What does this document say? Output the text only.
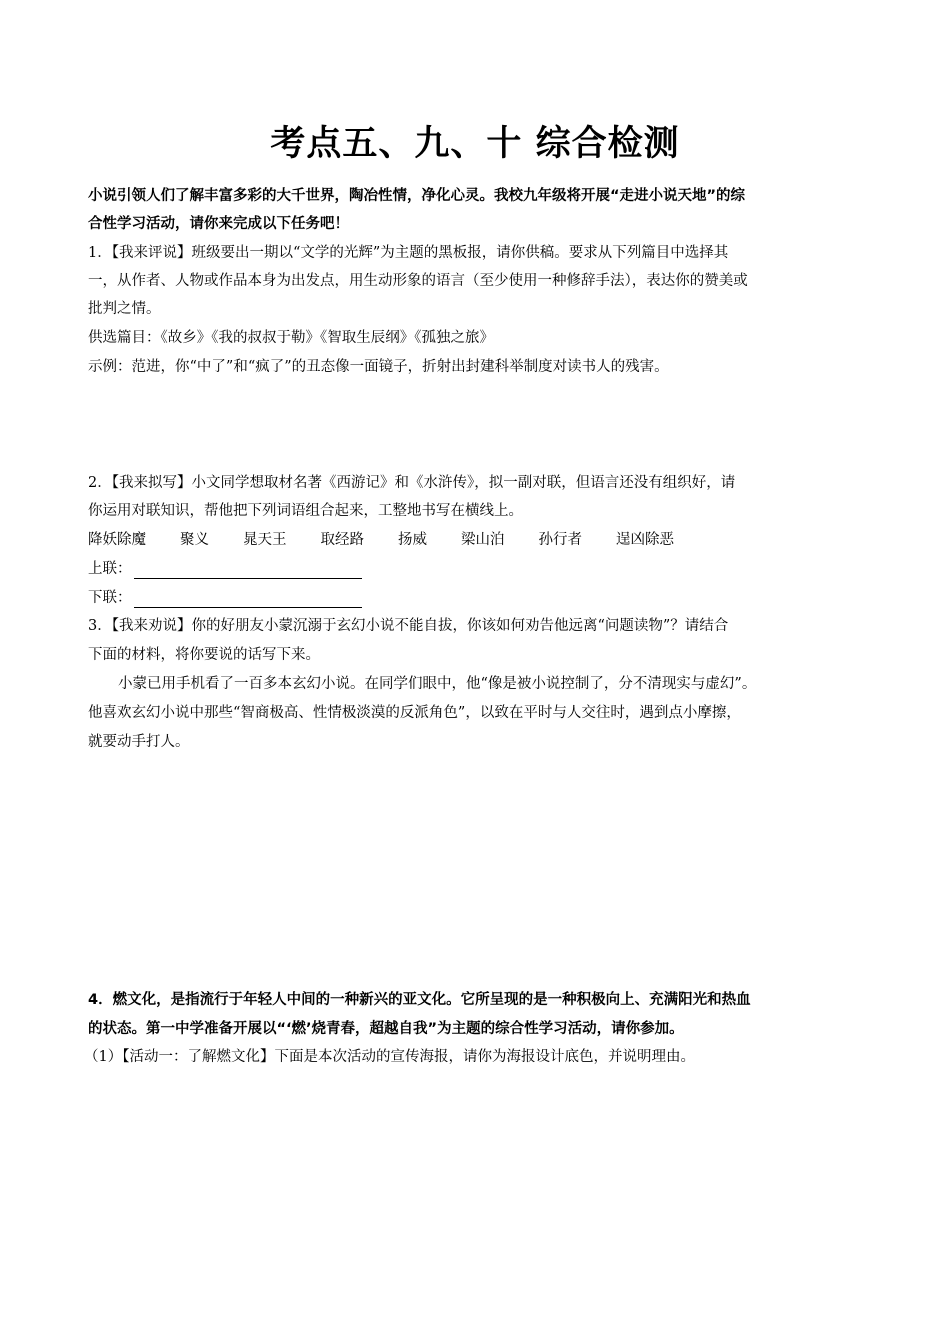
考点五、九、十 综合检测
小说引领人们了解丰富多彩的大千世界，陶冶性情，净化心灵。我校九年级将开展“走进小说天地”的综
合性学习活动，请你来完成以下任务吧！
1．【我来评说】班级要出一期以“文学的光辉”为主题的黑板报，请你供稿。要求从下列篇目中选择其
一，从作者、人物或作品本身为出发点，用生动形象的语言（至少使用一种修辞手法），表达你的赞美或
批判之情。
供选篇目：《故乡》《我的叔叔于勒》《智取生辰纲》《孤独之旅》
示例：范进，你“中了”和“疯了”的丑态像一面镜子，折射出封建科举制度对读书人的残害。
2．【我来拟写】小文同学想取材名著《西游记》和《水浒传》，拟一副对联，但语言还没有组织好，请
你运用对联知识，帮他把下列词语组合起来，工整地书写在横线上。
降妖除魔 聚义 晁天王 取经路 扬威 梁山泊 孙行者 逞凶除恶
上联：
下联：
3．【我来劝说】你的好朋友小蒙沉溺于玄幻小说不能自拔，你该如何劝告他远离“问题读物”？请结合
下面的材料，将你要说的话写下来。
小蒙已用手机看了一百多本玄幻小说。在同学们眼中，他“像是被小说控制了，分不清现实与虚幻”。
他喜欢玄幻小说中那些“智商极高、性情极淡漠的反派角色”，以致在平时与人交往时，遇到点小摩擦，
就要动手打人。
4．燃文化，是指流行于年轻人中间的一种新兴的亚文化。它所呈现的是一种积极向上、充满阳光和热血
的状态。第一中学准备开展以“‘燃’烧青春，超越自我”为主题的综合性学习活动，请你参加。
（1）【活动一：了解燃文化】下面是本次活动的宣传海报，请你为海报设计底色，并说明理由。
